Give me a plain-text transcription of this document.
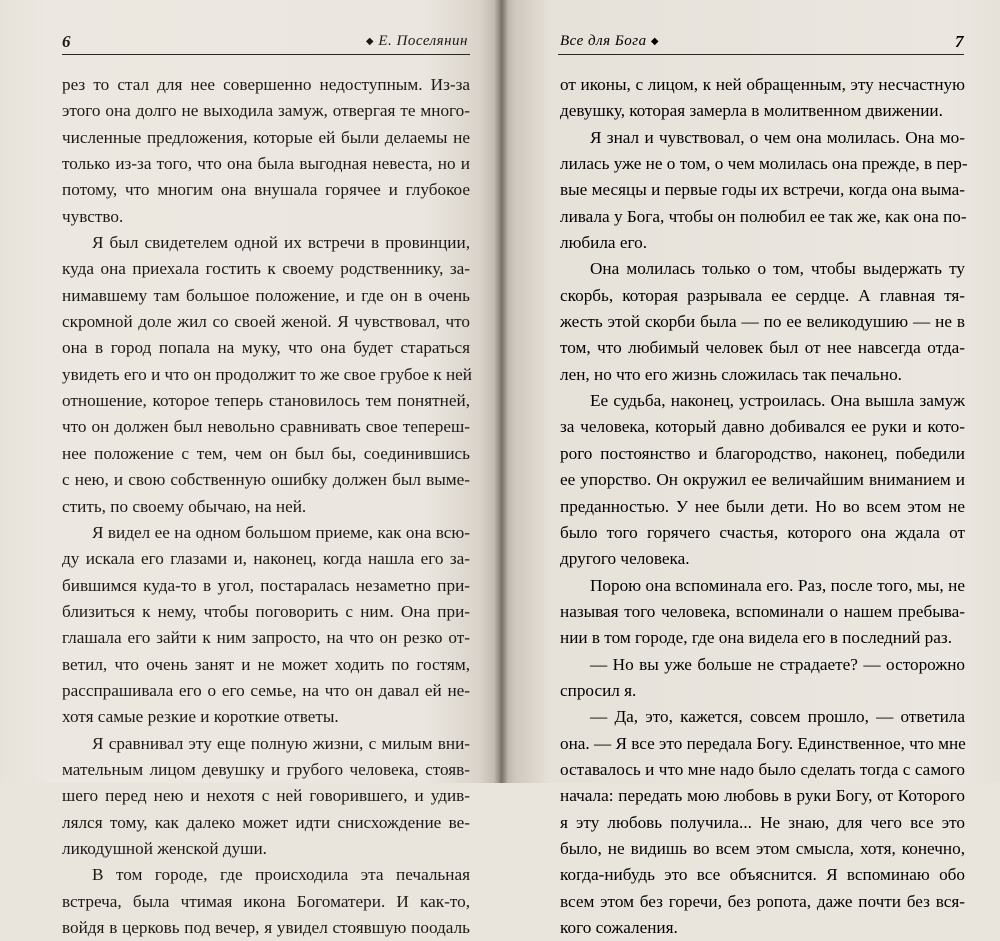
6	◆ Е. Поселянин
рез то стал для нее совершенно недоступным. Из-за
этого она долго не выходила замуж, отвергая те много-
численные предложения, которые ей были делаемы не
только из-за того, что она была выгодная невеста, но и
потому, что многим она внушала горячее и глубокое
чувство.
Я был свидетелем одной их встречи в провинции,
куда она приехала гостить к своему родственнику, за-
нимавшему там большое положение, и где он в очень
скромной доле жил со своей женой. Я чувствовал, что
она в город попала на муку, что она будет стараться
увидеть его и что он продолжит то же свое грубое к ней
отношение, которое теперь становилось тем понятней,
что он должен был невольно сравнивать свое теперeш-
нее положение с тем, чем он был бы, соединившись
с нею, и свою собственную ошибку должен был выме-
стить, по своему обычаю, на ней.
Я видел ее на одном большом приеме, как она всю-
ду искала его глазами и, наконец, когда нашла его за-
бившимся куда-то в угол, постаралась незаметно при-
близиться к нему, чтобы поговорить с ним. Она при-
глашала его зайти к ним запросто, на что он резко от-
ветил, что очень занят и не может ходить по гостям,
расспрашивала его о его семье, на что он давал ей не-
хотя самые резкие и короткие ответы.
Я сравнивал эту еще полную жизни, с милым вни-
мательным лицом девушку и грубого человека, стояв-
шего перед нею и нехотя с ней говорившего, и удив-
лялся тому, как далеко может идти снисхождение ве-
ликодушной женской души.
В том городе, где происходила эта печальная
встреча, была чтимая икона Богоматери. И как-то,
войдя в церковь под вечер, я увидел стоявшую поодаль
Все для Бога ◆	7
от иконы, с лицом, к ней обращенным, эту несчастную
девушку, которая замерла в молитвенном движении.
Я знал и чувствовал, о чем она молилась. Она мо-
лилась уже не о том, о чем молилась она прежде, в пер-
вые месяцы и первые годы их встречи, когда она выма-
ливала у Бога, чтобы он полюбил ее так же, как она по-
любила его.
Она молилась только о том, чтобы выдержать ту
скорбь, которая разрывала ее сердце. А главная тя-
жесть этой скорби была — по ее великодушию — не в
том, что любимый человек был от нее навсегда отда-
лен, но что его жизнь сложилась так печально.
Ее судьба, наконец, устроилась. Она вышла замуж
за человека, который давно добивался ее руки и кото-
рого постоянство и благородство, наконец, победили
ее упорство. Он окружил ее величайшим вниманием и
преданностью. У нее были дети. Но во всем этом не
было того горячего счастья, которого она ждала от
другого человека.
Порою она вспоминала его. Раз, после того, мы, не
называя того человека, вспоминали о нашем пребыва-
нии в том городе, где она видела его в последний раз.
— Но вы уже больше не страдаете? — осторожно
спросил я.
— Да, это, кажется, совсем прошло, — ответила
она. — Я все это передала Богу. Единственное, что мне
оставалось и что мне надо было сделать тогда с самого
начала: передать мою любовь в руки Богу, от Которого
я эту любовь получила... Не знаю, для чего все это
было, не видишь во всем этом смысла, хотя, конечно,
когда-нибудь это все объяснится. Я вспоминаю обо
всем этом без горечи, без ропота, даже почти без вся-
кого сожаления.
